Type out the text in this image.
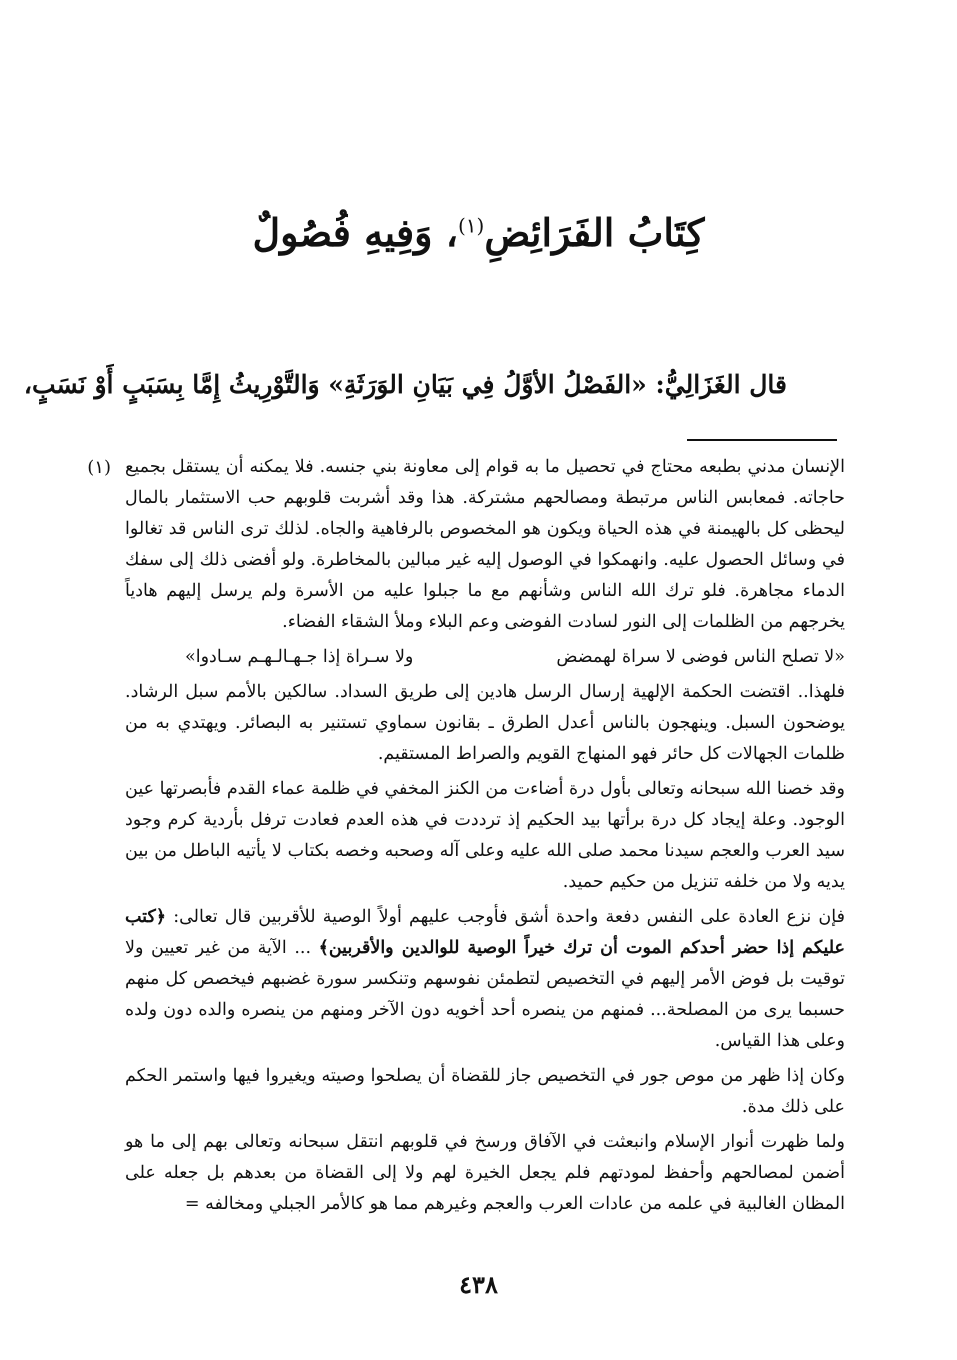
كِتَابُ الفَرَائِضِ$^{(١)}$، وَفِيهِ فُصُولٌ
قال الغَزَالِيُّ: «الفَصْلُ الأوَّلُ فِي بَيَانِ الوَرَثَةِ» وَالتَّوْرِيثُ إِمَّا بِسَبَبٍ أَوْ نَسَبٍ،
(١) الإنسان مدني بطبعه محتاج في تحصيل ما به قوام إلى معاونة بني جنسه. فلا يمكنه أن يستقل بجميع حاجاته. فمعابس الناس مرتبطة ومصالحهم مشتركة. هذا وقد أشربت قلوبهم حب الاستثمار بالمال ليحظى كل بالهيمنة في هذه الحياة ويكون هو المخصوص بالرفاهية والجاه. لذلك ترى الناس قد تغالوا في وسائل الحصول عليه. وانهمكوا في الوصول إليه غير مبالين بالمخاطرة. ولو أفضى ذلك إلى سفك الدماء مجاهرة. فلو ترك الله الناس وشأنهم مع ما جبلوا عليه من الأسرة ولم يرسل إليهم هادياً يخرجهم من الظلمات إلى النور لسادت الفوضى وعم البلاء وملأ الشقاء الفضاء.

«لا تصلح الناس فوضى لا سراة لهمضض
ولا سـراة إذا جـهـالـهـم سـادوا»

فلهذا.. اقتضت الحكمة الإلهية إرسال الرسل هادين إلى طريق السداد. سالكين بالأمم سبل الرشاد. يوضحون السبل. وينهجون بالناس أعدل الطرق ـ بقانون سماوي تستنير به البصائر. ويهتدي به من ظلمات الجهالات كل حائر فهو المنهاج القويم والصراط المستقيم.

وقد خصنا الله سبحانه وتعالى بأول درة أضاءت من الكنز المخفي في ظلمة عماء القدم فأبصرتها عين الوجود. وعلة إيجاد كل درة برأتها بيد الحكيم إذ ترددت في هذه العدم فعادت ترفل بأردية كرم وجود سيد العرب والعجم سيدنا محمد صلى الله عليه وعلى آله وصحبه وخصه بكتاب لا يأتيه الباطل من بين يديه ولا من خلفه تنزيل من حكيم حميد.

فإن نزع العادة على النفس دفعة واحدة أشق فأوجب عليهم أولاً الوصية للأقربين قال تعالى: ﴿كتب عليكم إذا حضر أحدكم الموت أن ترك خيراً الوصية للوالدين والأقربين﴾ ... الآية من غير تعيين ولا توقيت بل فوض الأمر إليهم في التخصيص لتطمئن نفوسهم وتنكسر سورة غضبهم فيخصص كل منهم حسبما يرى من المصلحة... فمنهم من ينصره أحد أخويه دون الآخر ومنهم من ينصره والده دون ولده وعلى هذا القياس.

وكان إذا ظهر من موص جور في التخصيص جاز للقضاة أن يصلحوا وصيته ويغيروا فيها واستمر الحكم على ذلك مدة.

ولما ظهرت أنوار الإسلام وانبعثت في الآفاق ورسخ في قلوبهم انتقل سبحانه وتعالى بهم إلى ما هو أضمن لمصالحهم وأحفظ لمودتهم فلم يجعل الخيرة لهم ولا إلى القضاة من بعدهم بل جعله على المظان الغالبية في علمه من عادات العرب والعجم وغيرهم مما هو كالأمر الجبلي ومخالفه =

٤٣٨
